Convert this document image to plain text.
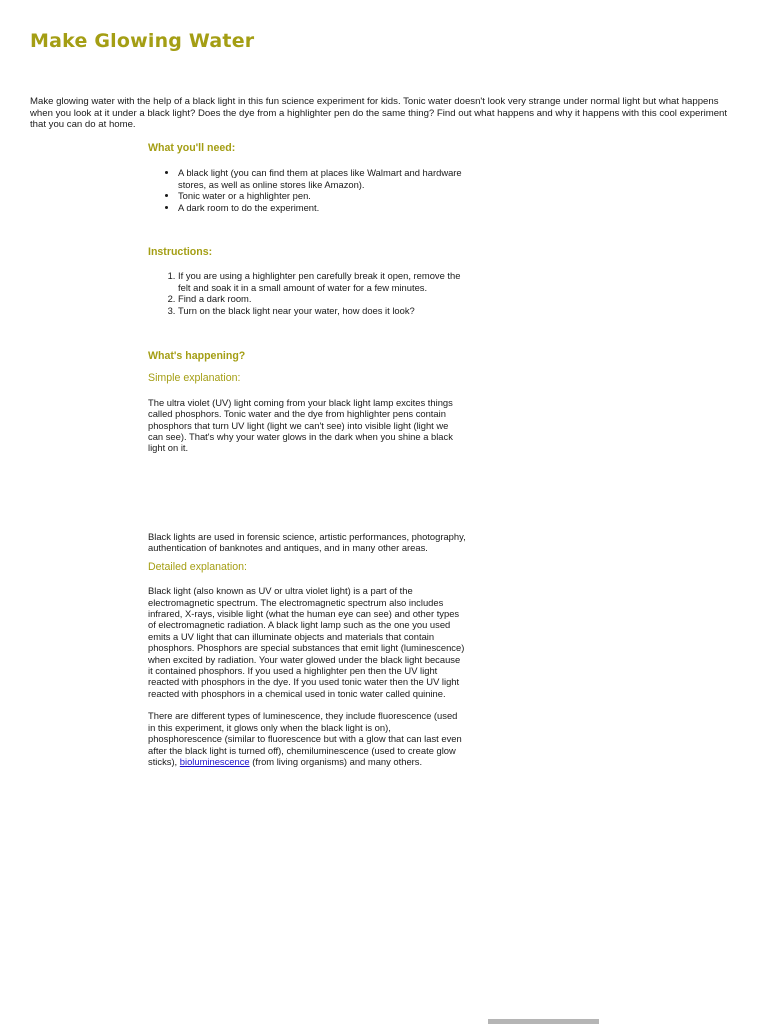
Make Glowing Water

Make glowing water with the help of a black light in this fun science experiment for kids. Tonic water doesn't look very strange under normal light but what happens when you look at it under a black light? Does the dye from a highlighter pen do the same thing? Find out what happens and why it happens with this cool experiment that you can do at home.

What you'll need:
• A black light (you can find them at places like Walmart and hardware stores, as well as online stores like Amazon).
• Tonic water or a highlighter pen.
• A dark room to do the experiment.
Instructions:
1. If you are using a highlighter pen carefully break it open, remove the felt and soak it in a small amount of water for a few minutes.
2. Find a dark room.
3. Turn on the black light near your water, how does it look?
What's happening?
Simple explanation:

The ultra violet (UV) light coming from your black light lamp excites things called phosphors. Tonic water and the dye from highlighter pens contain phosphors that turn UV light (light we can't see) into visible light (light we can see). That's why your water glows in the dark when you shine a black light on it.

Black lights are used in forensic science, artistic performances, photography, authentication of banknotes and antiques, and in many other areas.

Detailed explanation:

Black light (also known as UV or ultra violet light) is a part of the electromagnetic spectrum. The electromagnetic spectrum also includes infrared, X-rays, visible light (what the human eye can see) and other types of electromagnetic radiation. A black light lamp such as the one you used emits a UV light that can illuminate objects and materials that contain phosphors. Phosphors are special substances that emit light (luminescence) when excited by radiation. Your water glowed under the black light because it contained phosphors. If you used a highlighter pen then the UV light reacted with phosphors in the dye. If you used tonic water then the UV light reacted with phosphors in a chemical used in tonic water called quinine.

There are different types of luminescence, they include fluorescence (used in this experiment, it glows only when the black light is on), phosphorescence (similar to fluorescence but with a glow that can last even after the black light is turned off), chemiluminescence (used to create glow sticks), bioluminescence (from living organisms) and many others.
